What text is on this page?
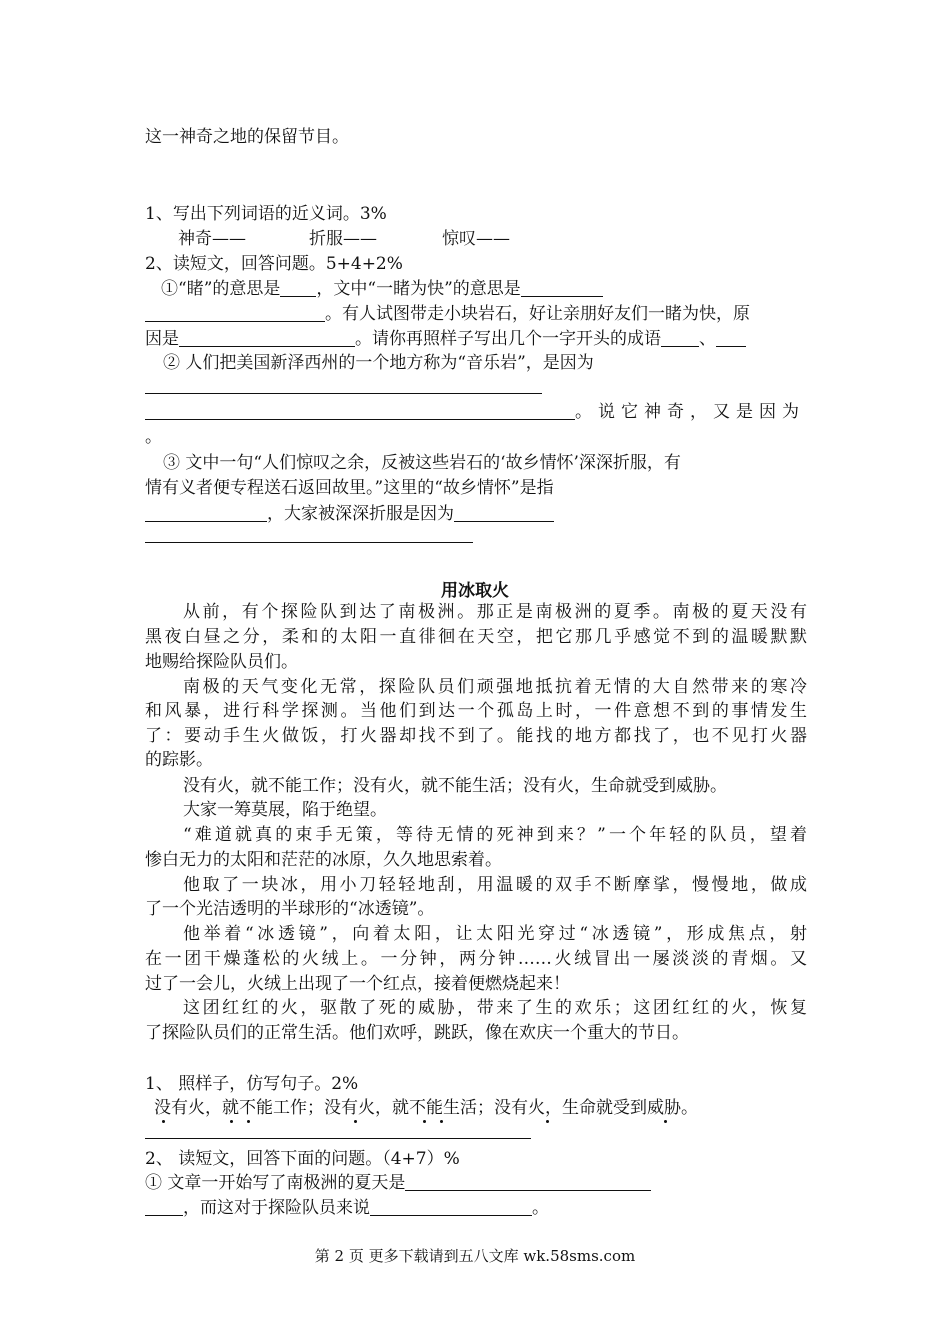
这一神奇之地的保留节目。
1、写出下列词语的近义词。3%
神奇——	折服——	惊叹——
2、读短文，回答问题。5+4+2%
①“睹”的意思是 ，文中“一睹为快”的意思是
。有人试图带走小块岩石，好让亲朋好友们一睹为快，原
因是	。请你再照样子写出几个一字开头的成语 、
② 人们把美国新泽西州的一个地方称为“音乐岩”，是因为
。说它神奇，又是因为
。
③ 文中一句“人们惊叹之余，反被这些岩石的‘故乡情怀’深深折服，有
情有义者便专程送石返回故里。”这里的“故乡情怀”是指
，大家被深深折服是因为
用冰取火
从前，有个探险队到达了南极洲。那正是南极洲的夏季。南极的夏天没有
黑夜白昼之分，柔和的太阳一直徘徊在天空，把它那几乎感觉不到的温暖默默
地赐给探险队员们。
南极的天气变化无常，探险队员们顽强地抵抗着无情的大自然带来的寒冷
和风暴，进行科学探测。当他们到达一个孤岛上时，一件意想不到的事情发生
了：要动手生火做饭，打火器却找不到了。能找的地方都找了，也不见打火器
的踪影。
没有火，就不能工作；没有火，就不能生活；没有火，生命就受到威胁。
大家一筹莫展，陷于绝望。
“难道就真的束手无策，等待无情的死神到来？”一个年轻的队员，望着
惨白无力的太阳和茫茫的冰原，久久地思索着。
他取了一块冰，用小刀轻轻地刮，用温暖的双手不断摩挲，慢慢地，做成
了一个光洁透明的半球形的“冰透镜”。
他举着“冰透镜”，向着太阳，让太阳光穿过“冰透镜”，形成焦点，射
在一团干燥蓬松的火绒上。一分钟，两分钟……火绒冒出一屡淡淡的青烟。又
过了一会儿，火绒上出现了一个红点，接着便燃烧起来！
这团红红的火，驱散了死的威胁，带来了生的欢乐；这团红红的火，恢复
了探险队员们的正常生活。他们欢呼，跳跃，像在欢庆一个重大的节日。
1、 照样子，仿写句子。2%
没有火，就不能工作；没有火，就不能生活；没有火，生命就受到威胁。
2、 读短文，回答下面的问题。（4+7）%
① 文章一开始写了南极洲的夏天是
，而这对于探险队员来说	。
第 2 页 更多下载请到五八文库 wk.58sms.com
